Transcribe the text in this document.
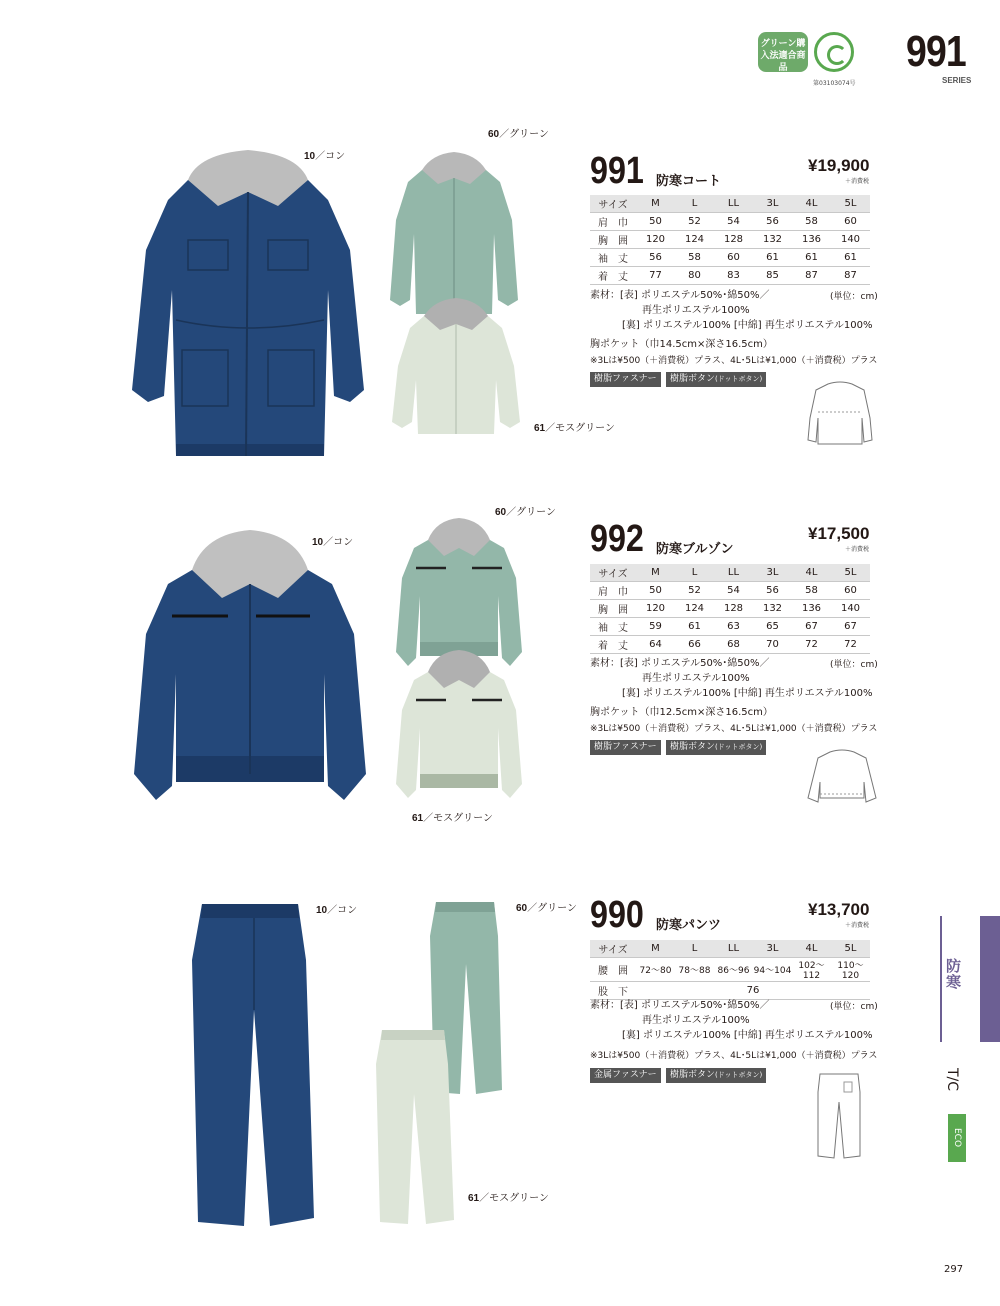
グリーン購入法適合商品
第03103074号
991
SERIES
10／コン
60／グリーン
61／モスグリーン
991 防寒コート
¥19,900
＋消費税
サイズ	M	L	LL	3L	4L	5L
肩　巾	50	52	54	56	58	60
胸　囲	120	124	128	132	136	140
袖　丈	56	58	60	61	61	61
着　丈	77	80	83	85	87	87
素材：[表] ポリエステル50%･綿50%／	(単位：cm)
再生ポリエステル100%
[裏] ポリエステル100% [中綿] 再生ポリエステル100%
胸ポケット（巾14.5cm×深さ16.5cm）
※3Lは¥500（＋消費税）プラス、4L･5Lは¥1,000（＋消費税）プラス
樹脂ファスナー	樹脂ボタン(ドットボタン)
10／コン
60／グリーン
61／モスグリーン
992 防寒ブルゾン
¥17,500
＋消費税
サイズ	M	L	LL	3L	4L	5L
肩　巾	50	52	54	56	58	60
胸　囲	120	124	128	132	136	140
袖　丈	59	61	63	65	67	67
着　丈	64	66	68	70	72	72
素材：[表] ポリエステル50%･綿50%／	(単位：cm)
再生ポリエステル100%
[裏] ポリエステル100% [中綿] 再生ポリエステル100%
胸ポケット（巾12.5cm×深さ16.5cm）
※3Lは¥500（＋消費税）プラス、4L･5Lは¥1,000（＋消費税）プラス
樹脂ファスナー	樹脂ボタン(ドットボタン)
10／コン	60／グリーン
61／モスグリーン
990 防寒パンツ
¥13,700
＋消費税
サイズ	M	L	LL	3L	4L	5L
腰　囲	72〜80	78〜88	86〜96	94〜104	102〜112	110〜120
股　下	76					
素材：[表] ポリエステル50%･綿50%／	(単位：cm)
再生ポリエステル100%
[裏] ポリエステル100% [中綿] 再生ポリエステル100%
※3Lは¥500（＋消費税）プラス、4L･5Lは¥1,000（＋消費税）プラス
金属ファスナー	樹脂ボタン(ドットボタン)
防寒
T/C
ECO
297
